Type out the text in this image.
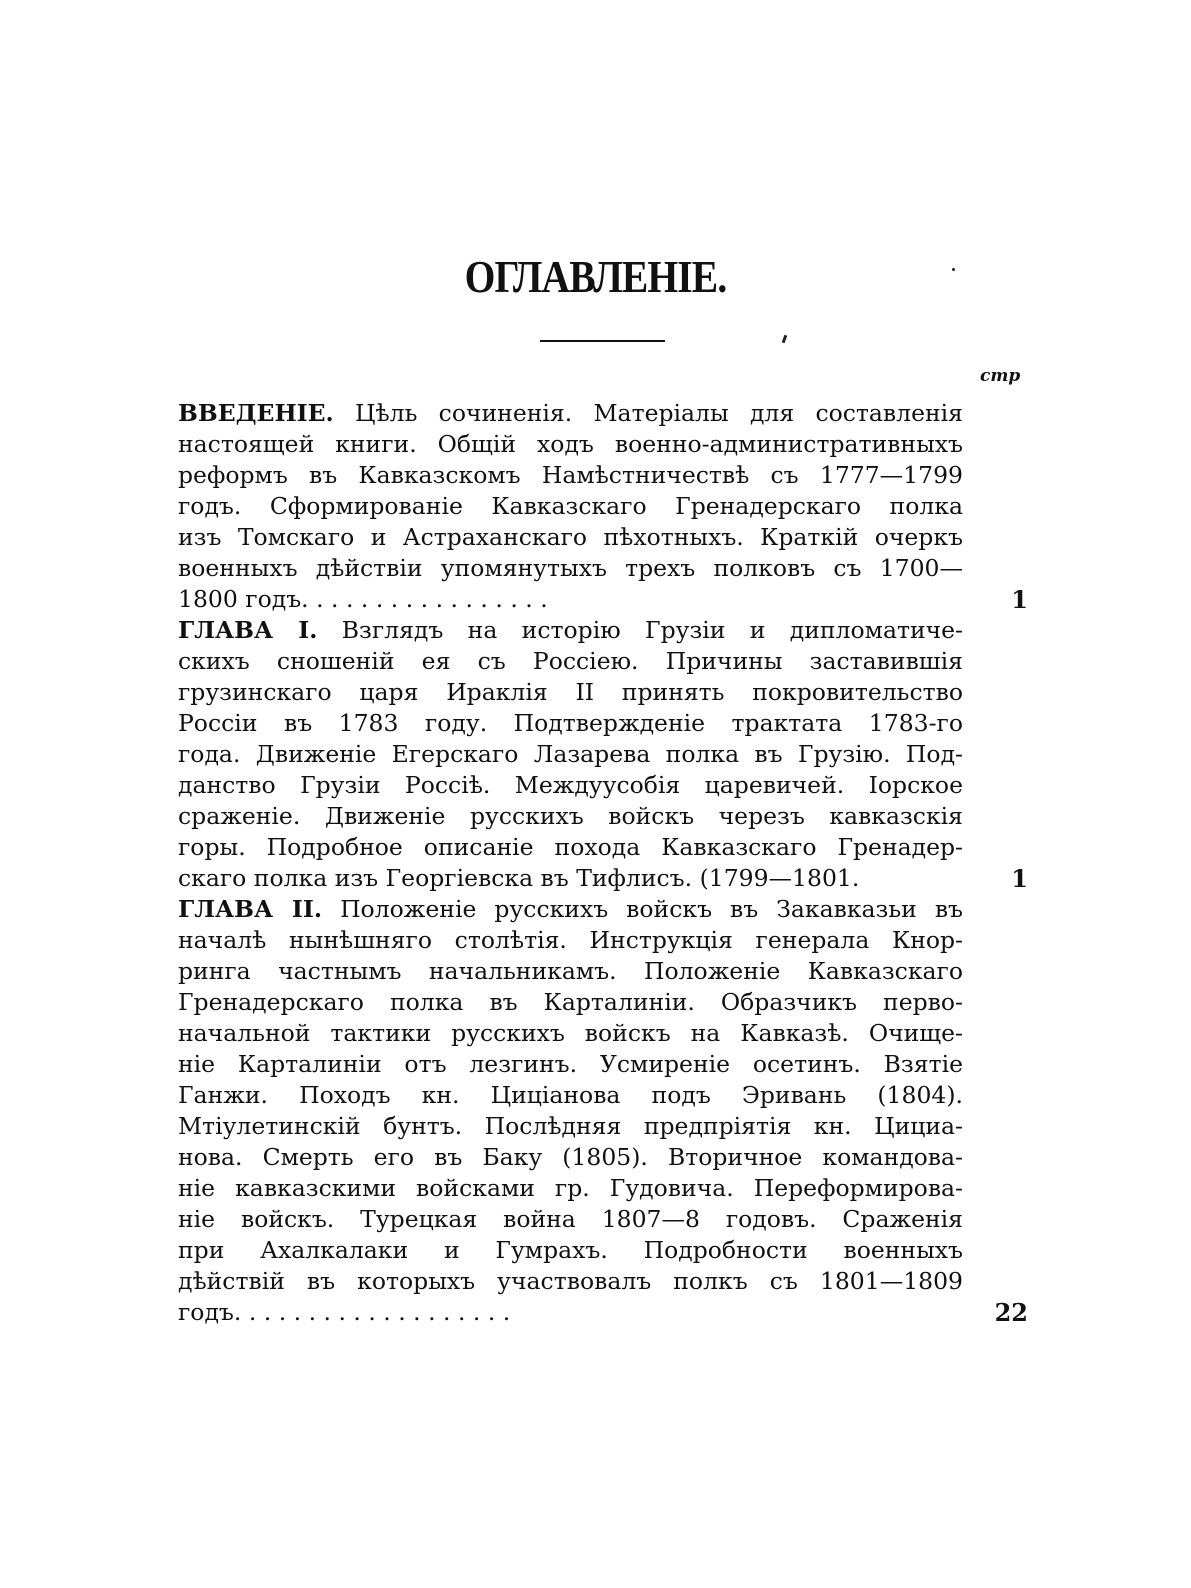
ОГЛАВЛЕНІЕ.
стр
ВВЕДЕНІЕ. Цѣль сочиненія. Матеріалы для составленія
настоящей книги. Общій ходъ военно-административныхъ
реформъ въ Кавказскомъ Намѣстничествѣ съ 1777—1799
годъ. Сформированіе Кавказскаго Гренадерскаго полка
изъ Томскаго и Астраханскаго пѣхотныхъ. Краткій очеркъ
военныхъ дѣйствіи упомянутыхъ трехъ полковъ съ 1700—
1800 годъ. . . . . . . . . . . . . . . . .	1
ГЛАВА I. Взглядъ на исторію Грузіи и дипломатиче-
скихъ сношеній ея съ Россіею. Причины заставившія
грузинскаго царя Ираклія II принять покровительство
Россіи въ 1783 году. Подтвержденіе трактата 1783-го
года. Движеніе Егерскаго Лазарева полка въ Грузію. Под-
данство Грузіи Россіѣ. Междуусобія царевичей. Іорское
сраженіе. Движеніе русскихъ войскъ черезъ кавказскія
горы. Подробное описаніе похода Кавказскаго Гренадер-
скаго полка изъ Георгіевска въ Тифлисъ. (1799—1801.	1
ГЛАВА II. Положеніе русскихъ войскъ въ Закавказьи въ
началѣ нынѣшняго столѣтія. Инструкція генерала Кнор-
ринга частнымъ начальникамъ. Положеніе Кавказскаго
Гренадерскаго полка въ Карталиніи. Образчикъ перво-
начальной тактики русскихъ войскъ на Кавказѣ. Очище-
ніе Карталиніи отъ лезгинъ. Усмиреніе осетинъ. Взятіе
Ганжи. Походъ кн. Цицiанова подъ Эривань (1804).
Мтіулетинскій бунтъ. Послѣдняя предпріятія кн. Цициа-
нова. Смерть его въ Баку (1805). Вторичное командова-
ніе кавказскими войсками гр. Гудовича. Переформирова-
ніе войскъ. Турецкая война 1807—8 годовъ. Сраженія
при Ахалкалаки и Гумрахъ. Подробности военныхъ
дѣйствій въ которыхъ участвовалъ полкъ съ 1801—1809
годъ. . . . . . . . . . . . . . . . . . .	22
